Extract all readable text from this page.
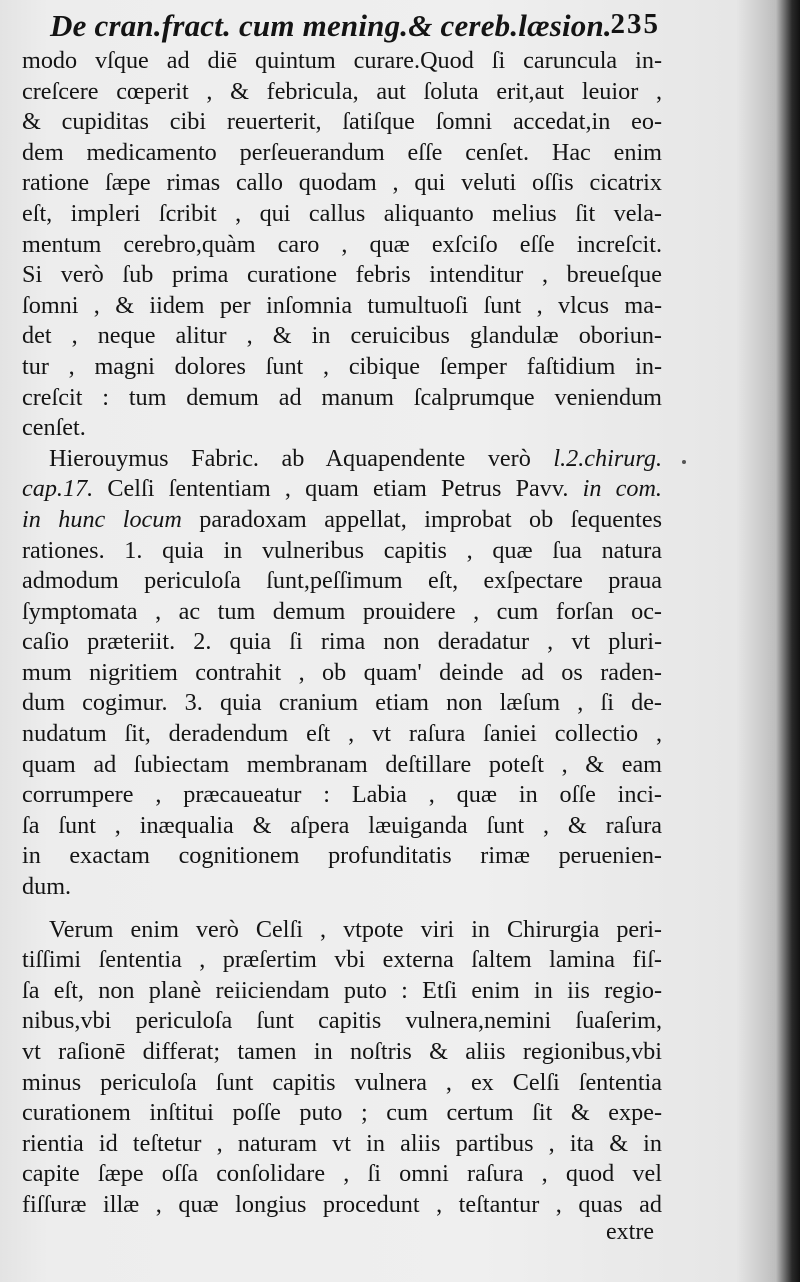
De cran.fract. cum mening.& cereb.læsion.
235
modo vſque ad diē quintum curare.Quod ſi caruncula in-
creſcere cœperit , & febricula, aut ſoluta erit,aut leuior ,
& cupiditas cibi reuerterit, ſatiſque ſomni accedat,in eo-
dem medicamento perſeuerandum eſſe cenſet. Hac enim
ratione ſæpe rimas callo quodam , qui veluti oſſis cicatrix
eſt, impleri ſcribit , qui callus aliquanto melius ſit vela-
mentum cerebro,quàm caro , quæ exſciſo eſſe increſcit.
Si verò ſub prima curatione febris intenditur , breueſque
ſomni , & iidem per inſomnia tumultuoſi ſunt , vlcus ma-
det , neque alitur , & in ceruicibus glandulæ oboriun-
tur , magni dolores ſunt , cibique ſemper faſtidium in-
creſcit : tum demum ad manum ſcalprumque veniendum
cenſet.
Hierouymus Fabric. ab Aquapendente verò l.2.chirurg.
cap.17. Celſi ſententiam , quam etiam Petrus Pavv. in com.
in hunc locum paradoxam appellat, improbat ob ſequentes
rationes. 1. quia in vulneribus capitis , quæ ſua natura
admodum periculoſa ſunt,peſſimum eſt, exſpectare praua
ſymptomata , ac tum demum prouidere , cum forſan oc-
caſio præteriit. 2. quia ſi rima non deradatur , vt pluri-
mum nigritiem contrahit , ob quam' deinde ad os raden-
dum cogimur. 3. quia cranium etiam non læſum , ſi de-
nudatum ſit, deradendum eſt , vt raſura ſaniei collectio ,
quam ad ſubiectam membranam deſtillare poteſt , & eam
corrumpere , præcaueatur : Labia , quæ in oſſe inci-
ſa ſunt , inæqualia & aſpera læuiganda ſunt , & raſura
in exactam cognitionem profunditatis rimæ peruenien-
dum.
Verum enim verò Celſi , vtpote viri in Chirurgia peri-
tiſſimi ſententia , præſertim vbi externa ſaltem lamina fiſ-
ſa eſt, non planè reiiciendam puto : Etſi enim in iis regio-
nibus,vbi periculoſa ſunt capitis vulnera,nemini ſuaſerim,
vt raſionē differat; tamen in noſtris & aliis regionibus,vbi
minus periculoſa ſunt capitis vulnera , ex Celſi ſententia
curationem inſtitui poſſe puto ; cum certum ſit & expe-
rientia id teſtetur , naturam vt in aliis partibus , ita & in
capite ſæpe oſſa conſolidare , ſi omni raſura , quod vel
fiſſuræ illæ , quæ longius procedunt , teſtantur , quas ad
extre
